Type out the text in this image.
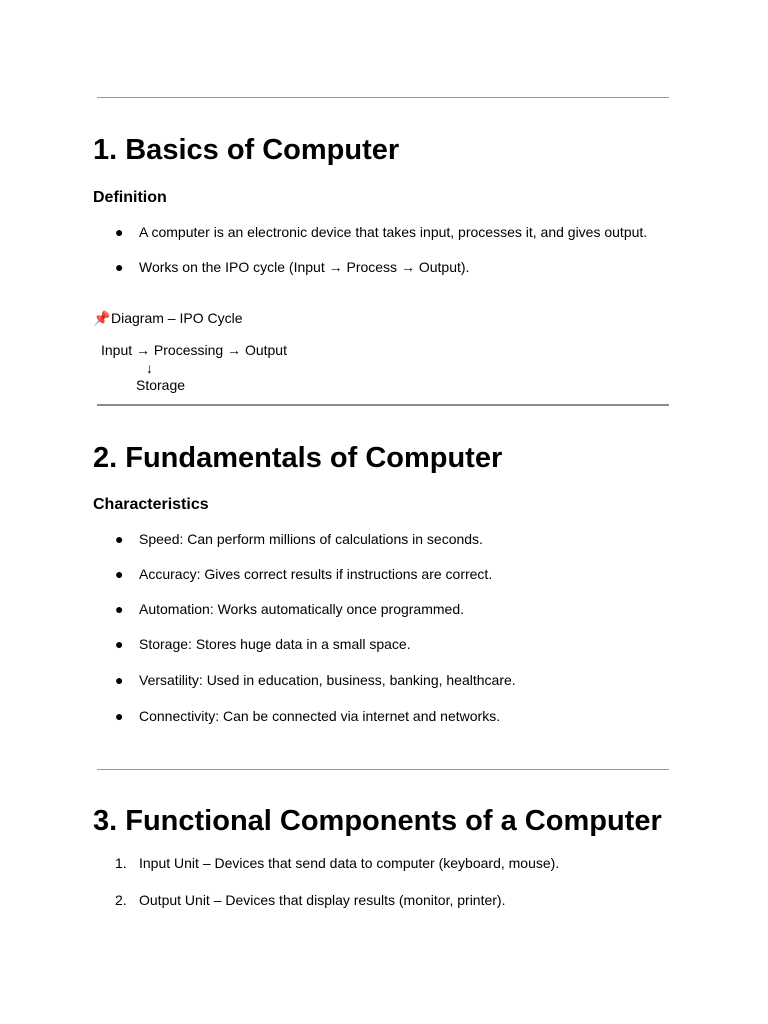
1. Basics of Computer
Definition
● A computer is an electronic device that takes input, processes it, and gives output.
● Works on the IPO cycle (Input → Process → Output).
📌Diagram – IPO Cycle
Input → Processing → Output
↓
Storage
2. Fundamentals of Computer
Characteristics
● Speed: Can perform millions of calculations in seconds.
● Accuracy: Gives correct results if instructions are correct.
● Automation: Works automatically once programmed.
● Storage: Stores huge data in a small space.
● Versatility: Used in education, business, banking, healthcare.
● Connectivity: Can be connected via internet and networks.
3. Functional Components of a Computer
1. Input Unit – Devices that send data to computer (keyboard, mouse).
2. Output Unit – Devices that display results (monitor, printer).
